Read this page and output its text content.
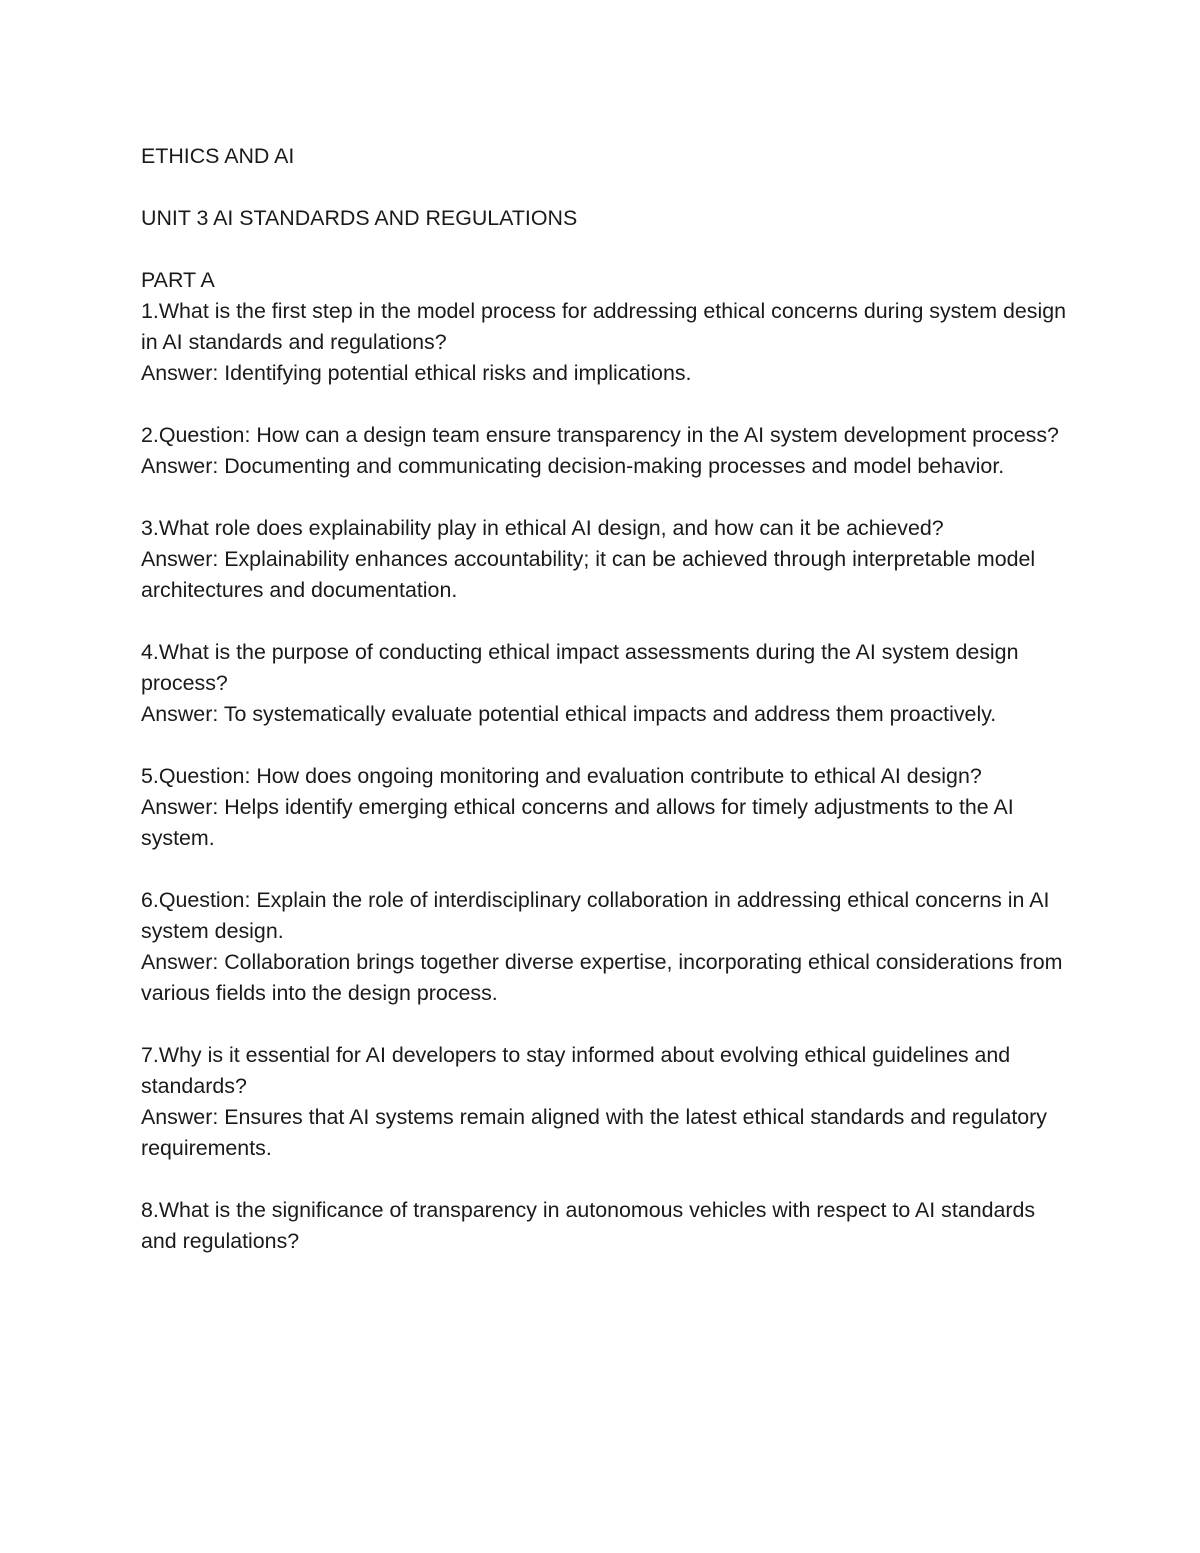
ETHICS AND AI

UNIT 3 AI STANDARDS AND REGULATIONS

PART A

1.What is the first step in the model process for addressing ethical concerns during system design in AI standards and regulations?

Answer: Identifying potential ethical risks and implications.

2.Question: How can a design team ensure transparency in the AI system development process?

Answer: Documenting and communicating decision-making processes and model behavior.

3.What role does explainability play in ethical AI design, and how can it be achieved?

Answer: Explainability enhances accountability; it can be achieved through interpretable model architectures and documentation.

4.What is the purpose of conducting ethical impact assessments during the AI system design process?

Answer: To systematically evaluate potential ethical impacts and address them proactively.

5.Question: How does ongoing monitoring and evaluation contribute to ethical AI design?

Answer: Helps identify emerging ethical concerns and allows for timely adjustments to the AI system.

6.Question: Explain the role of interdisciplinary collaboration in addressing ethical concerns in AI system design.

Answer: Collaboration brings together diverse expertise, incorporating ethical considerations from various fields into the design process.

7.Why is it essential for AI developers to stay informed about evolving ethical guidelines and standards?

Answer: Ensures that AI systems remain aligned with the latest ethical standards and regulatory requirements.

8.What is the significance of transparency in autonomous vehicles with respect to AI standards and regulations?
